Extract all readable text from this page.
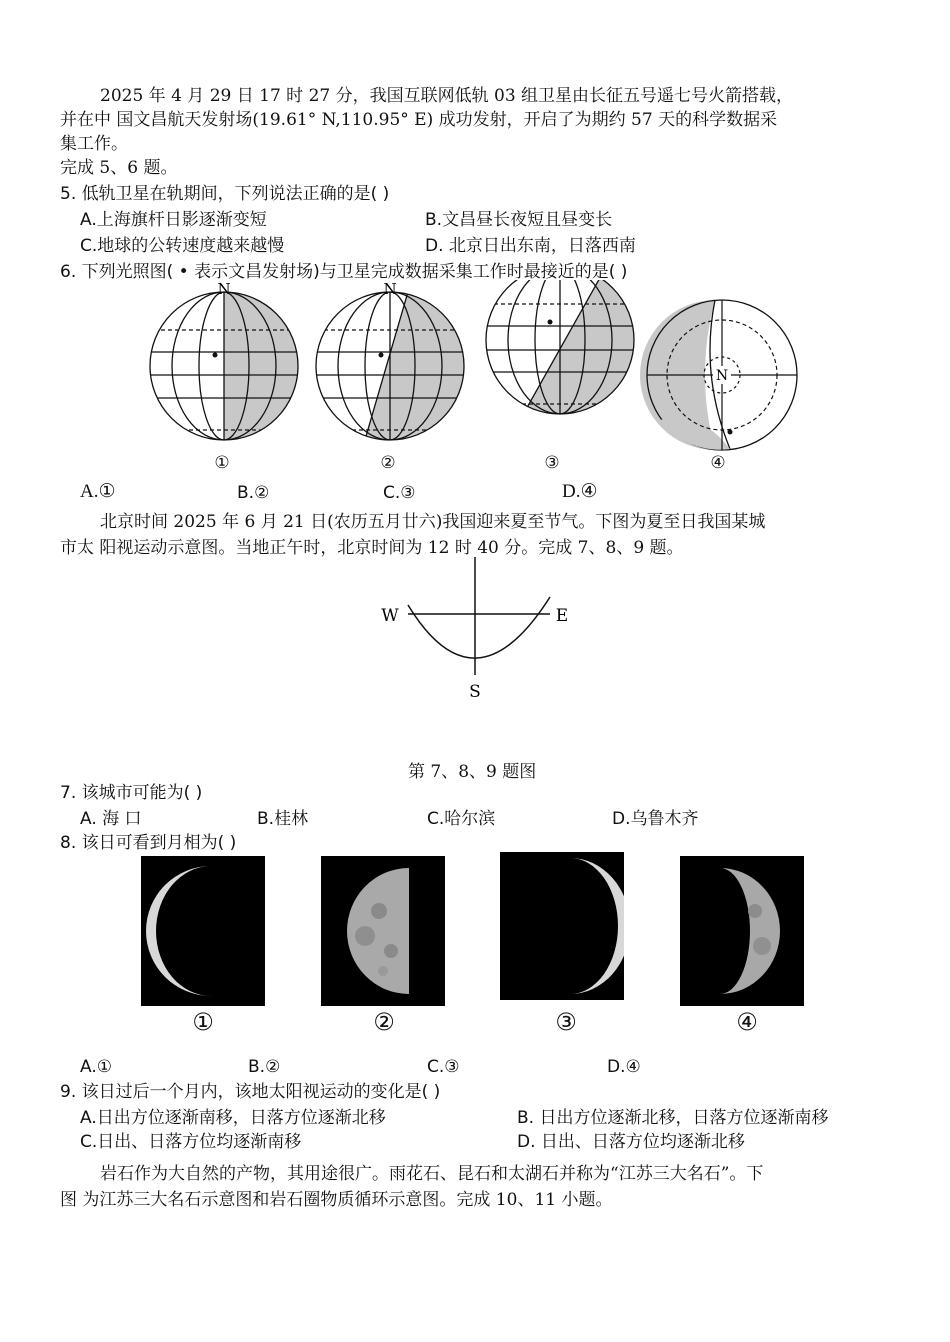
2025 年 4 月 29 日 17 时 27 分，我国互联网低轨 03 组卫星由长征五号遥七号火箭搭载，
并在中 国文昌航天发射场(19.61° N,110.95° E) 成功发射，开启了为期约 57 天的科学数据采
集工作。
完成 5、6 题。
5. 低轨卫星在轨期间，下列说法正确的是( )
A.上海旗杆日影逐渐变短	B.文昌昼长夜短且昼变长
C.地球的公转速度越来越慢	D. 北京日出东南，日落西南
6. 下列光照图( • 表示文昌发射场)与卫星完成数据采集工作时最接近的是( )
N	N
N
①	②	③	④
A.①	B.②	C.③	D.④
北京时间 2025 年 6 月 21 日(农历五月廿六)我国迎来夏至节气。下图为夏至日我国某城
市太 阳视运动示意图。当地正午时，北京时间为 12 时 40 分。完成 7、8、9 题。
W	E
S
第 7、8、9 题图
7. 该城市可能为( )
A. 海 口	B.桂林	C.哈尔滨	D.乌鲁木齐
8. 该日可看到月相为( )
①	②	③	④
A.①	B.②	C.③	D.④
9. 该日过后一个月内，该地太阳视运动的变化是( )
A.日出方位逐渐南移，日落方位逐渐北移	B. 日出方位逐渐北移，日落方位逐渐南移
C.日出、日落方位均逐渐南移	D. 日出、日落方位均逐渐北移
岩石作为大自然的产物，其用途很广。雨花石、昆石和太湖石并称为“江苏三大名石”。下
图 为江苏三大名石示意图和岩石圈物质循环示意图。完成 10、11 小题。
